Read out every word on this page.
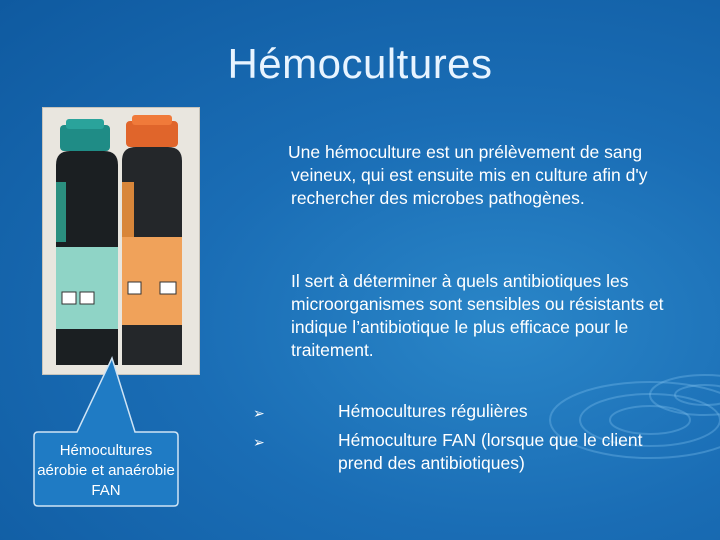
Hémocultures

Une hémoculture est un prélèvement de sang veineux, qui est ensuite mis en culture afin d'y rechercher des microbes pathogènes.

Il sert à déterminer à quels antibiotiques les microorganismes sont sensibles ou résistants et indique l’antibiotique le plus efficace pour le traitement.

➢	Hémocultures régulières
➢	Hémoculture FAN (lorsque que le client prend des antibiotiques)
Hémocultures aérobie et anaérobie FAN
